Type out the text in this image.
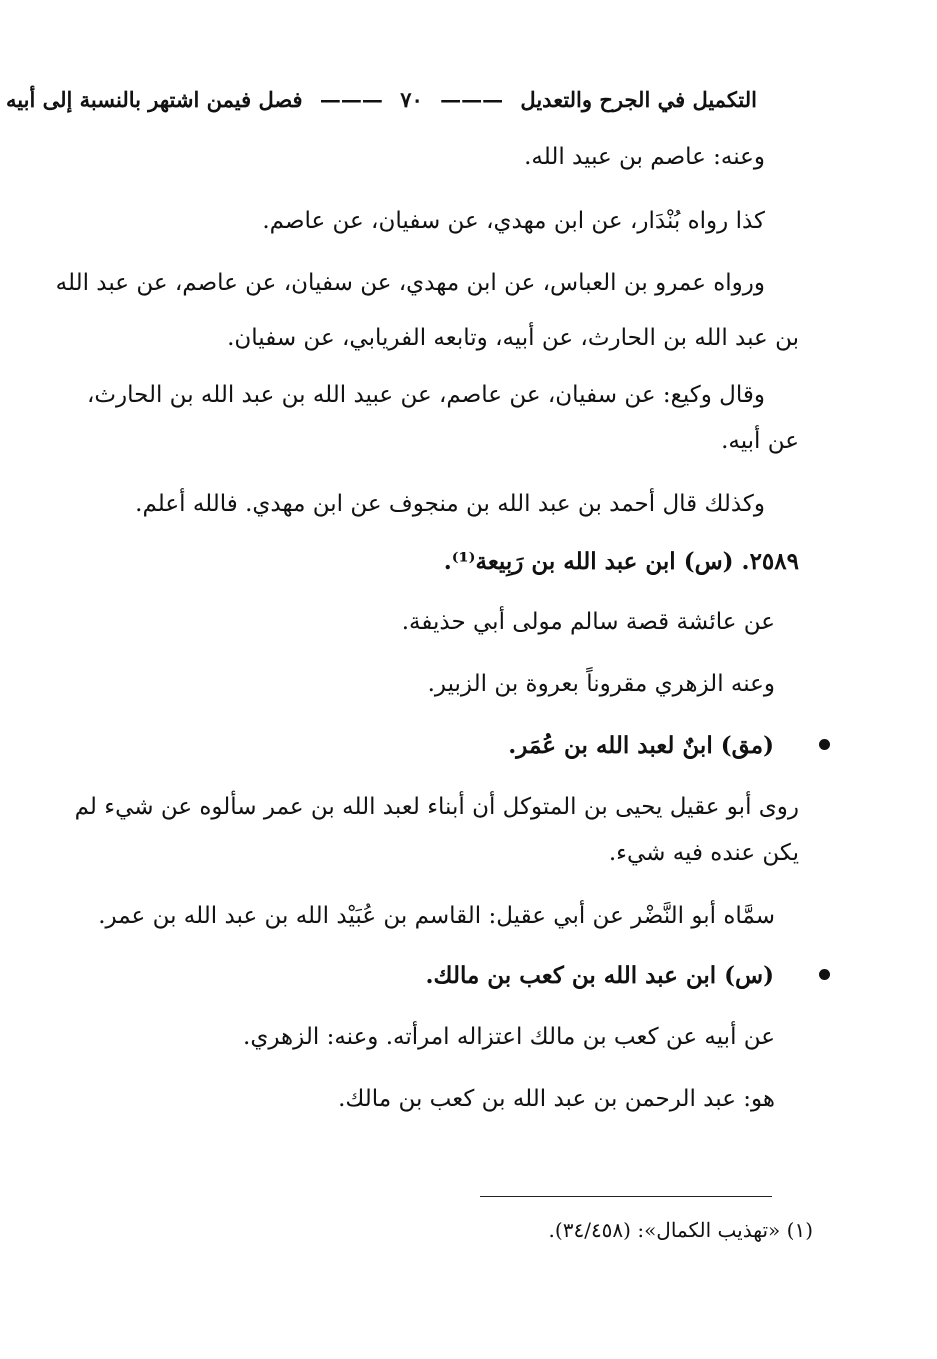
التكميل في الجرح والتعديل ——— ٧٠ ——— فصل فيمن اشتهر بالنسبة إلى أبيه
وعنه: عاصم بن عبيد الله.
كذا رواه بُنْدَار، عن ابن مهدي، عن سفيان، عن عاصم.
ورواه عمرو بن العباس، عن ابن مهدي، عن سفيان، عن عاصم، عن عبد الله
بن عبد الله بن الحارث، عن أبيه، وتابعه الفريابي، عن سفيان.
وقال وكيع: عن سفيان، عن عاصم، عن عبيد الله بن عبد الله بن الحارث،
عن أبيه.
وكذلك قال أحمد بن عبد الله بن منجوف عن ابن مهدي. فالله أعلم.
٢٥٨٩. (س) ابن عبد الله بن رَبِيعة⁽¹⁾.
عن عائشة قصة سالم مولى أبي حذيفة.
وعنه الزهري مقروناً بعروة بن الزبير.
(مق) ابنٌ لعبد الله بن عُمَر.
روى أبو عقيل يحيى بن المتوكل أن أبناء لعبد الله بن عمر سألوه عن شيء لم
يكن عنده فيه شيء.
سمَّاه أبو النَّضْر عن أبي عقيل: القاسم بن عُبَيْد الله بن عبد الله بن عمر.
(س) ابن عبد الله بن كعب بن مالك.
عن أبيه عن كعب بن مالك اعتزاله امرأته. وعنه: الزهري.
هو: عبد الرحمن بن عبد الله بن كعب بن مالك.
(١) «تهذيب الكمال»: (٣٤/٤٥٨).
